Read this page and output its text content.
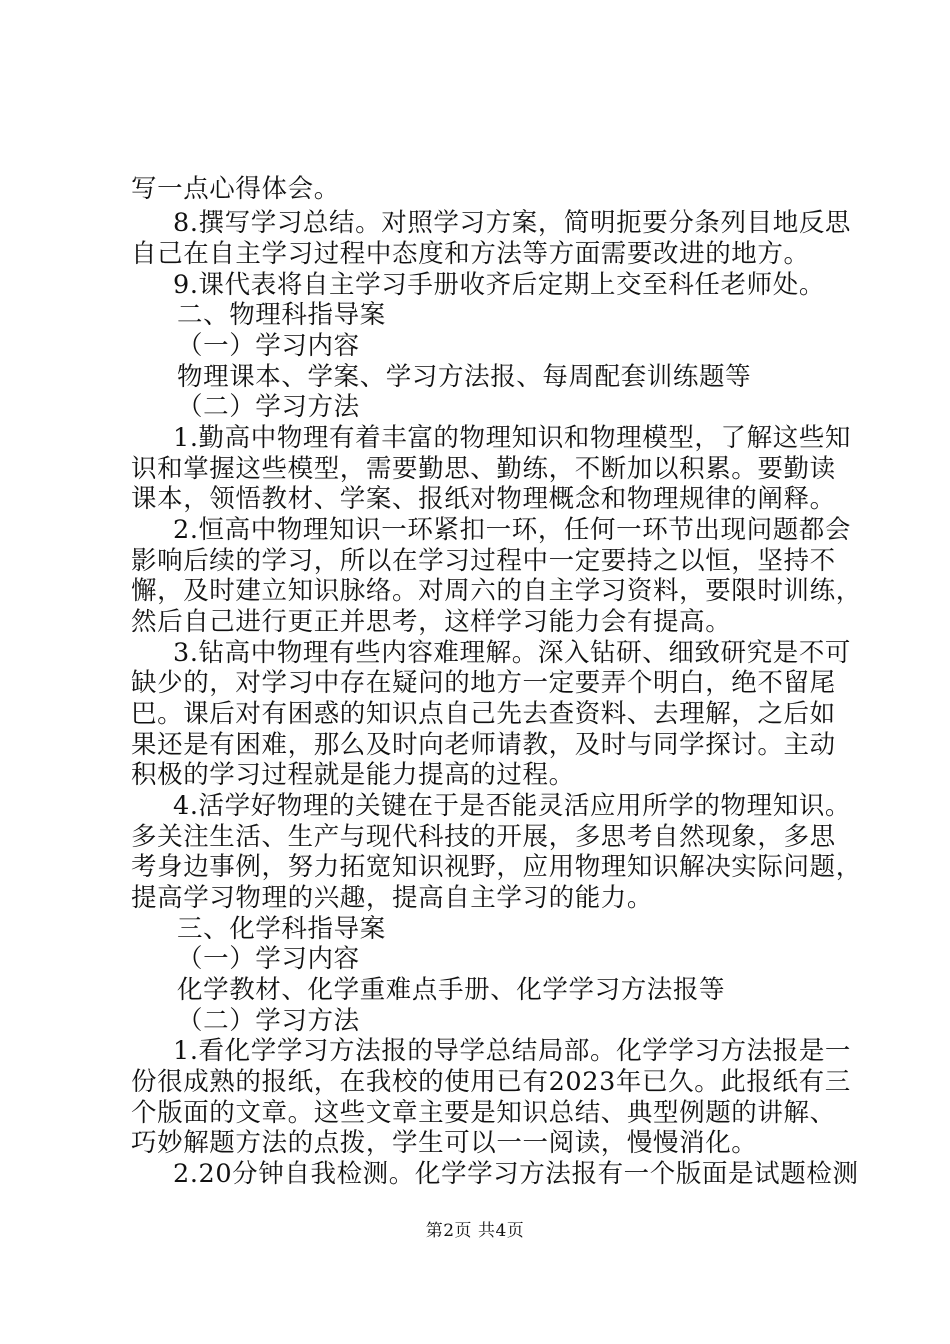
写一点心得体会。
8.撰写学习总结。对照学习方案，简明扼要分条列目地反思
自己在自主学习过程中态度和方法等方面需要改进的地方。
9.课代表将自主学习手册收齐后定期上交至科任老师处。
二、物理科指导案
（一）学习内容
物理课本、学案、学习方法报、每周配套训练题等
（二）学习方法
1.勤高中物理有着丰富的物理知识和物理模型，了解这些知
识和掌握这些模型，需要勤思、勤练，不断加以积累。要勤读
课本，领悟教材、学案、报纸对物理概念和物理规律的阐释。
2.恒高中物理知识一环紧扣一环，任何一环节出现问题都会
影响后续的学习，所以在学习过程中一定要持之以恒，坚持不
懈，及时建立知识脉络。对周六的自主学习资料，要限时训练，
然后自己进行更正并思考，这样学习能力会有提高。
3.钻高中物理有些内容难理解。深入钻研、细致研究是不可
缺少的，对学习中存在疑问的地方一定要弄个明白，绝不留尾
巴。课后对有困惑的知识点自己先去查资料、去理解，之后如
果还是有困难，那么及时向老师请教，及时与同学探讨。主动
积极的学习过程就是能力提高的过程。
4.活学好物理的关键在于是否能灵活应用所学的物理知识。
多关注生活、生产与现代科技的开展，多思考自然现象，多思
考身边事例，努力拓宽知识视野，应用物理知识解决实际问题，
提高学习物理的兴趣，提高自主学习的能力。
三、化学科指导案
（一）学习内容
化学教材、化学重难点手册、化学学习方法报等
（二）学习方法
1.看化学学习方法报的导学总结局部。化学学习方法报是一
份很成熟的报纸，在我校的使用已有2023年已久。此报纸有三
个版面的文章。这些文章主要是知识总结、典型例题的讲解、
巧妙解题方法的点拨，学生可以一一阅读，慢慢消化。
2.20分钟自我检测。化学学习方法报有一个版面是试题检测
第2页 共4页
